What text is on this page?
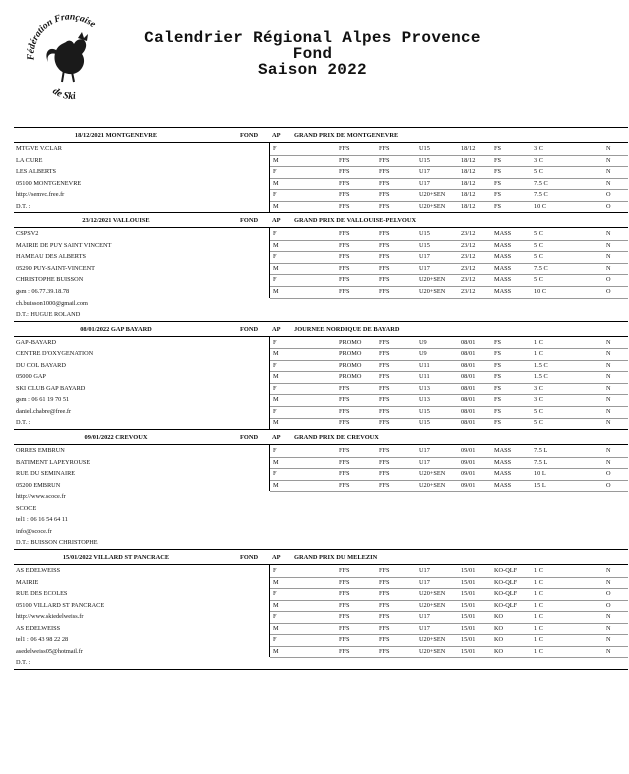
Fédération Française
de Ski
Calendrier Régional Alpes Provence
Fond
Saison 2022
18/12/2021 MONTGENEVRE	FOND AP GRAND PRIX DE MONTGENEVRE
MTGVE V.CLAR	F	FFS	FFS	U15	18/12	FS	3 C	N
LA CURE	M	FFS	FFS	U15	18/12	FS	3 C	N
LES ALBERTS	F	FFS	FFS	U17	18/12	FS	5 C	N
05100 MONTGENEVRE	M	FFS	FFS	U17	18/12	FS	7.5 C	N
http://semvc.free.fr	F	FFS	FFS	U20+SEN 18/12	FS	7.5 C	O
D.T. :	M	FFS	FFS	U20+SEN 18/12	FS	10 C	O
23/12/2021 VALLOUISE	FOND AP GRAND PRIX DE VALLOUISE-PELVOUX
CSPSV2	F	FFS	FFS	U15	23/12	MASS	5 C	N
MAIRIE DE PUY SAINT VINCENT	M	FFS	FFS	U15	23/12	MASS	5 C	N
HAMEAU DES ALBERTS	F	FFS	FFS	U17	23/12	MASS	5 C	N
05290 PUY-SAINT-VINCENT	M	FFS	FFS	U17	23/12	MASS	7.5 C	N
CHRISTOPHE BUISSON	F	FFS	FFS	U20+SEN 23/12	MASS	5 C	O
gsm : 06.77.39.18.78	M	FFS	FFS	U20+SEN 23/12	MASS	10 C	O
ch.buisson1000@gmail.com
D.T.: HUGUE ROLAND
08/01/2022 GAP BAYARD	FOND AP JOURNEE NORDIQUE DE BAYARD
GAP-BAYARD	F	PROMO	FFS	U9	08/01	FS	1 C	N
CENTRE D'OXYGENATION	M	PROMO	FFS	U9	08/01	FS	1 C	N
DU COL BAYARD	F	PROMO	FFS	U11	08/01	FS	1.5 C	N
05000 GAP	M	PROMO	FFS	U11	08/01	FS	1.5 C	N
SKI CLUB GAP BAYARD	F	FFS	FFS	U13	08/01	FS	3 C	N
gsm : 06 61 19 70 51	M	FFS	FFS	U13	08/01	FS	3 C	N
daniel.chabre@free.fr	F	FFS	FFS	U15	08/01	FS	5 C	N
D.T. :	M	FFS	FFS	U15	08/01	FS	5 C	N
09/01/2022 CREVOUX	FOND AP GRAND PRIX DE CREVOUX
ORRES EMBRUN	F	FFS	FFS	U17	09/01	MASS	7.5 L	N
BATIMENT LAPEYROUSE	M	FFS	FFS	U17	09/01	MASS	7.5 L	N
RUE DU SEMINAIRE	F	FFS	FFS	U20+SEN 09/01	MASS	10 L	O
05200 EMBRUN	M	FFS	FFS	U20+SEN 09/01	MASS	15 L	O
http://www.scoce.fr
SCOCE
tel1 : 06 16 54 64 11
info@scoce.fr
D.T.: BUISSON CHRISTOPHE
15/01/2022 VILLARD ST PANCRACE	FOND AP GRAND PRIX DU MELEZIN
AS EDELWEISS	F	FFS	FFS	U17	15/01	KO-QLF	1 C	N
MAIRIE	M	FFS	FFS	U17	15/01	KO-QLF	1 C	N
RUE DES ECOLES	F	FFS	FFS	U20+SEN 15/01	KO-QLF	1 C	O
05100 VILLARD ST PANCRACE	M	FFS	FFS	U20+SEN 15/01	KO-QLF	1 C	O
http://www.skiedelweiss.fr	F	FFS	FFS	U17	15/01	KO	1 C	N
AS EDELWEISS	M	FFS	FFS	U17	15/01	KO	1 C	N
tel1 : 06 43 98 22 28	F	FFS	FFS	U20+SEN 15/01	KO	1 C	N
asedelweiss05@hotmail.fr	M	FFS	FFS	U20+SEN 15/01	KO	1 C	N
D.T. :
